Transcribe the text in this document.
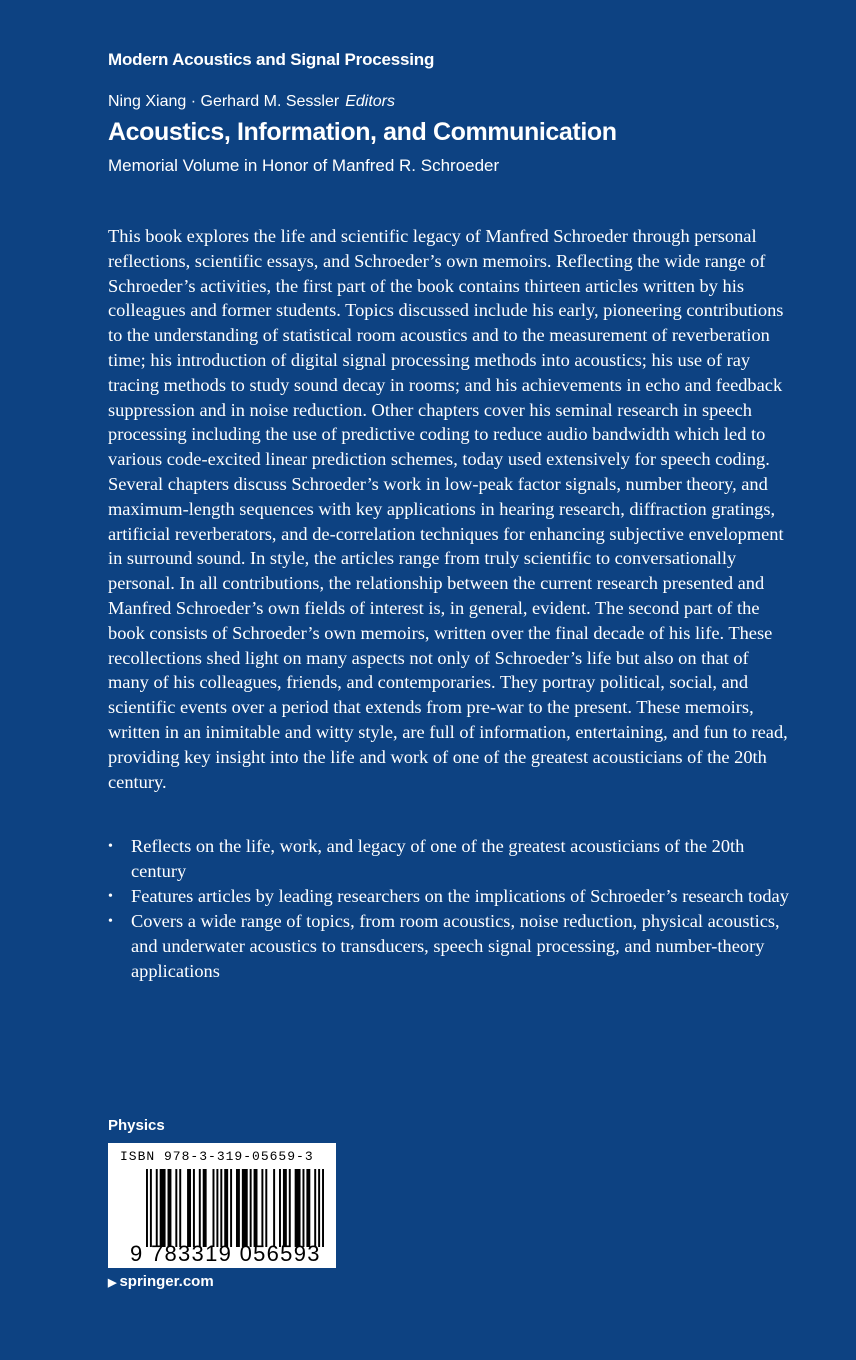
Modern Acoustics and Signal Processing
Ning Xiang · Gerhard M. Sessler Editors
Acoustics, Information, and Communication
Memorial Volume in Honor of Manfred R. Schroeder

This book explores the life and scientific legacy of Manfred Schroeder through personal reflections, scientific essays, and Schroeder’s own memoirs. Reflecting the wide range of Schroeder’s activities, the first part of the book contains thirteen articles written by his colleagues and former students. Topics discussed include his early, pioneering contributions to the understanding of statistical room acoustics and to the measurement of reverberation time; his introduction of digital signal processing methods into acoustics; his use of ray tracing methods to study sound decay in rooms; and his achievements in echo and feedback suppression and in noise reduction. Other chapters cover his seminal research in speech processing including the use of predictive coding to reduce audio bandwidth which led to various code-excited linear prediction schemes, today used extensively for speech coding. Several chapters discuss Schroeder’s work in low-peak factor signals, number theory, and maximum-length sequences with key applications in hearing research, diffraction gratings, artificial reverberators, and de-correlation techniques for enhancing subjective envelopment in surround sound. In style, the articles range from truly scientific to conversationally personal. In all contributions, the relationship between the current research presented and Manfred Schroeder’s own fields of interest is, in general, evident. The second part of the book consists of Schroeder’s own memoirs, written over the final decade of his life. These recollections shed light on many aspects not only of Schroeder’s life but also on that of many of his colleagues, friends, and contemporaries. They portray political, social, and scientific events over a period that extends from pre-war to the present. These memoirs, written in an inimitable and witty style, are full of information, entertaining, and fun to read, providing key insight into the life and work of one of the greatest acousticians of the 20th century.

• Reflects on the life, work, and legacy of one of the greatest acousticians of the 20th century
• Features articles by leading researchers on the implications of Schroeder’s research today
• Covers a wide range of topics, from room acoustics, noise reduction, physical acoustics, and underwater acoustics to transducers, speech signal processing, and number-theory applications
Physics
ISBN 978-3-319-05659-3
9 783319 056593
▶ springer.com
